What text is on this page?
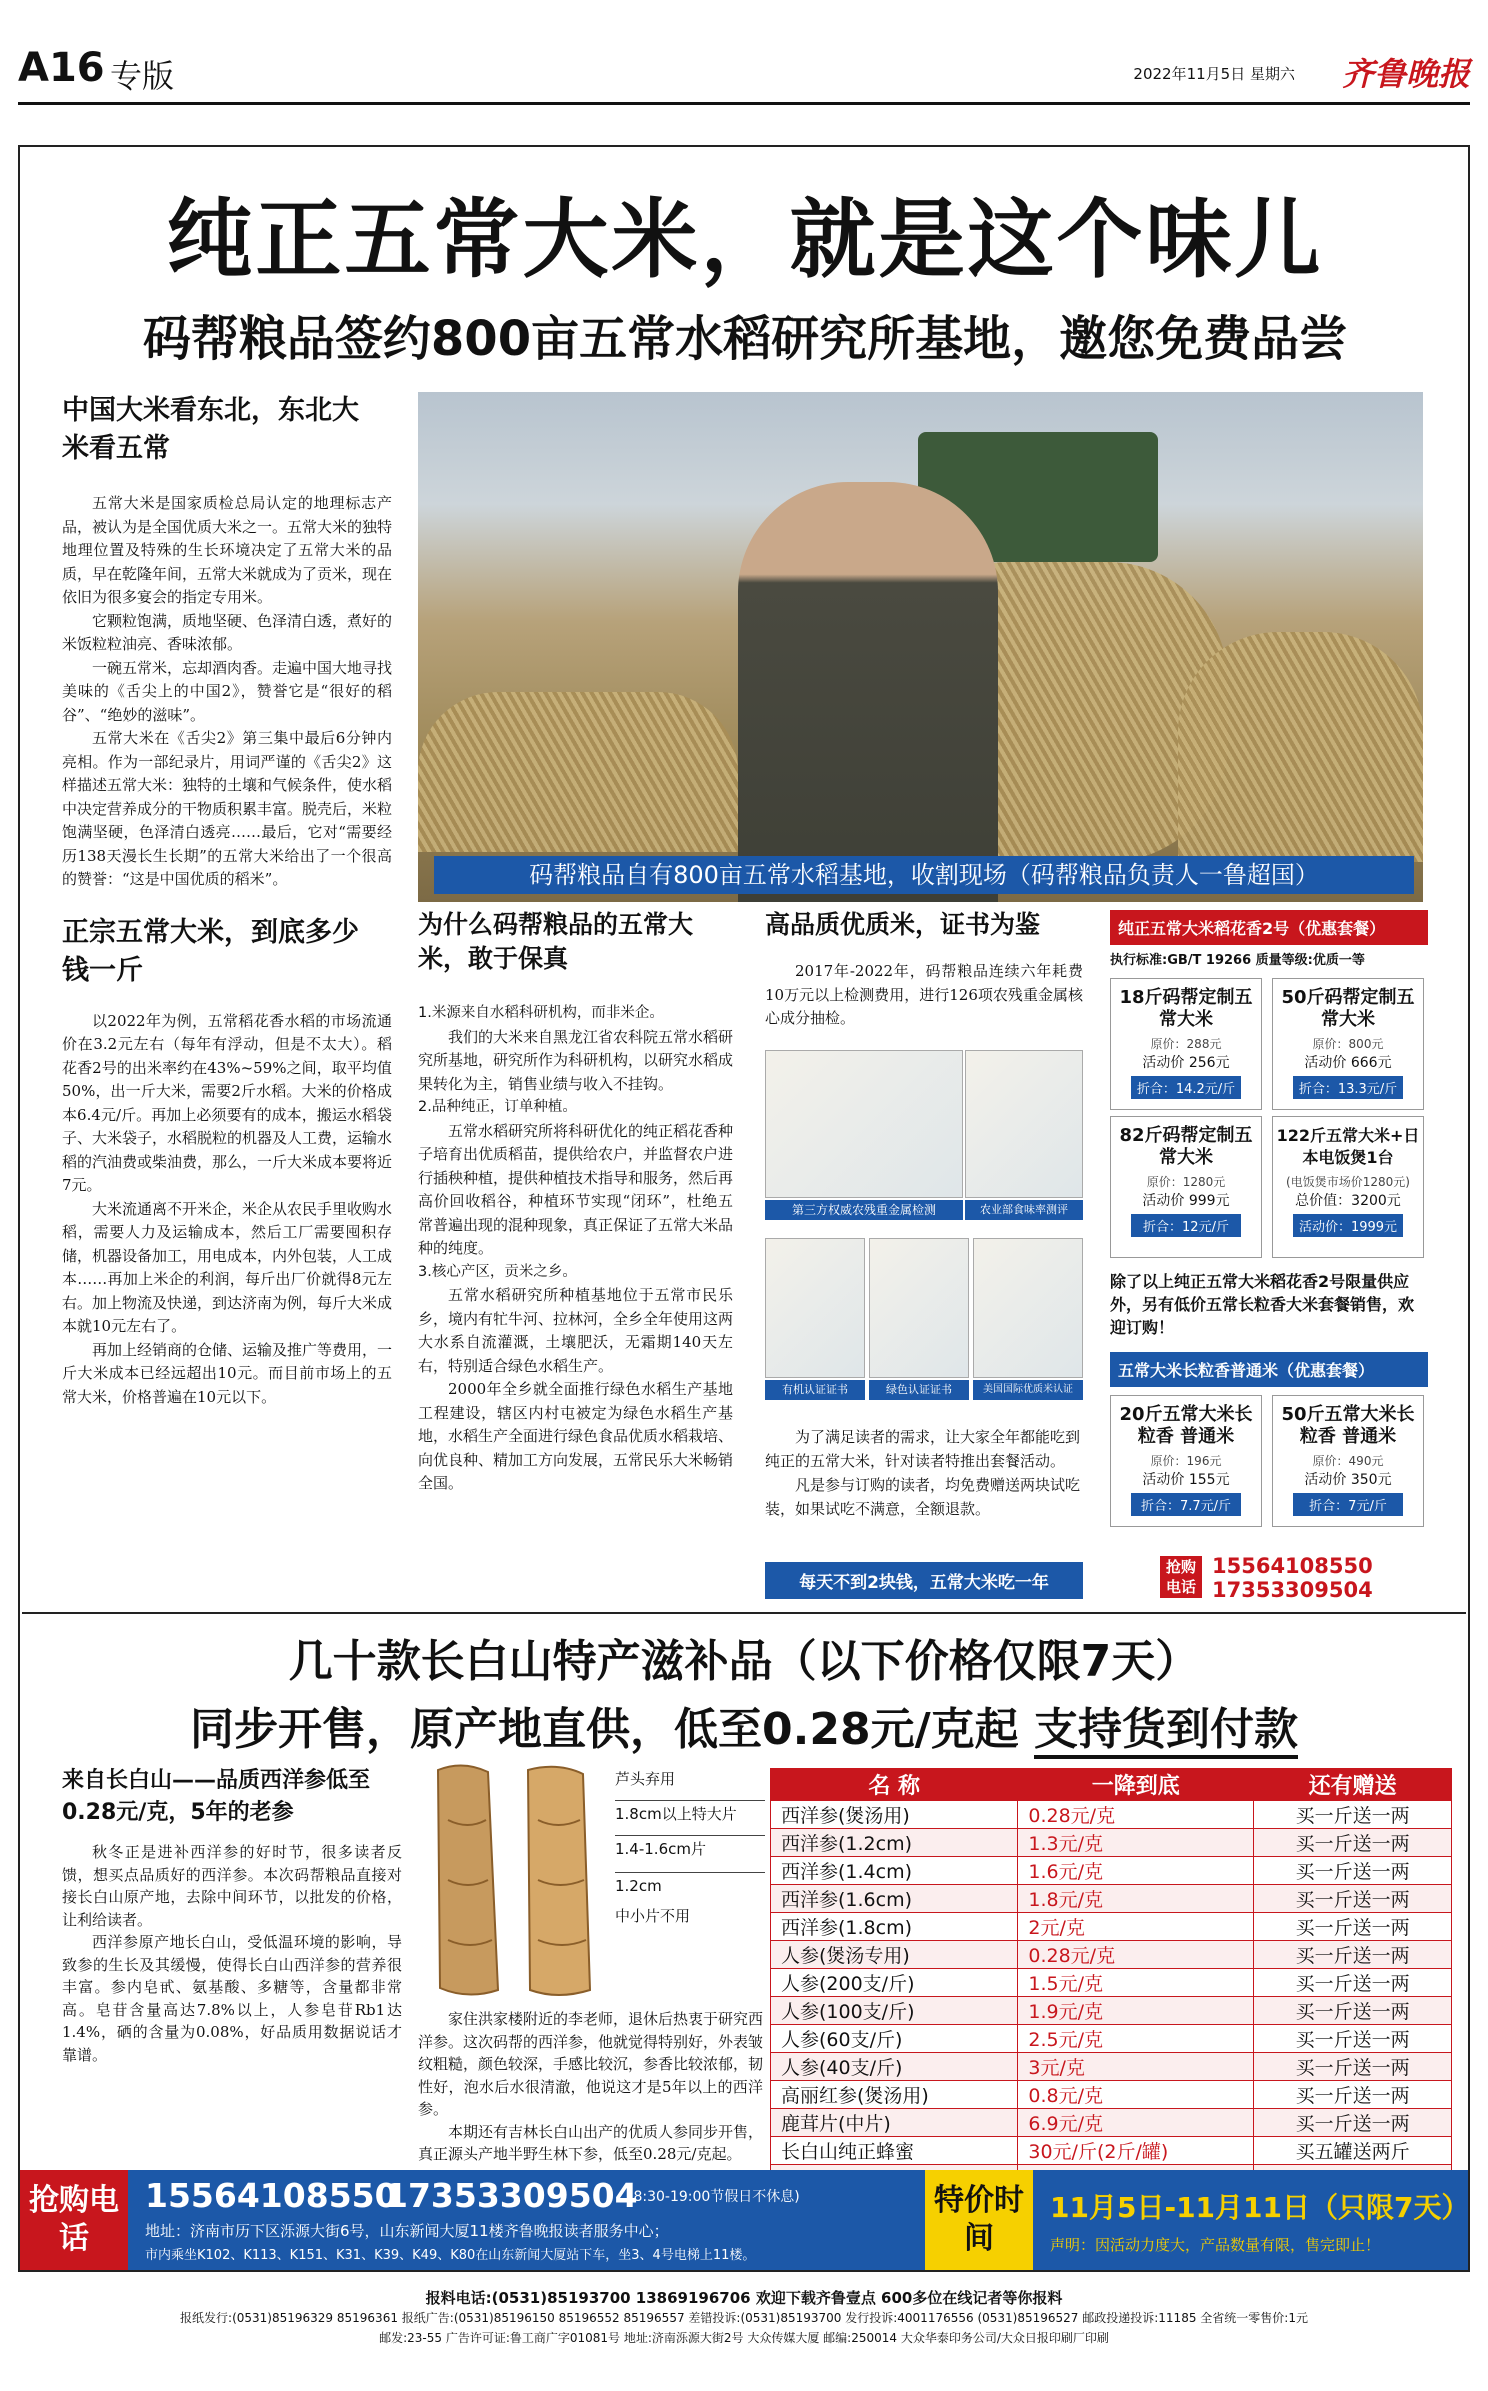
A16 专版	2022年11月5日 星期六 齐鲁晚报
纯正五常大米，就是这个味儿
码帮粮品签约800亩五常水稻研究所基地，邀您免费品尝
中国大米看东北，东北大米看五常

五常大米是国家质检总局认定的地理标志产品，被认为是全国优质大米之一。五常大米的独特地理位置及特殊的生长环境决定了五常大米的品质，早在乾隆年间，五常大米就成为了贡米，现在依旧为很多宴会的指定专用米。

它颗粒饱满，质地坚硬、色泽清白透，煮好的米饭粒粒油亮、香味浓郁。

一碗五常米，忘却酒肉香。走遍中国大地寻找美味的《舌尖上的中国2》，赞誉它是“很好的稻谷”、“绝妙的滋味”。

五常大米在《舌尖2》第三集中最后6分钟内亮相。作为一部纪录片，用词严谨的《舌尖2》这样描述五常大米：独特的土壤和气候条件，使水稻中决定营养成分的干物质积累丰富。脱壳后，米粒饱满坚硬，色泽清白透亮……最后，它对“需要经历138天漫长生长期”的五常大米给出了一个很高的赞誉：“这是中国优质的稻米”。

正宗五常大米，到底多少钱一斤

以2022年为例，五常稻花香水稻的市场流通价在3.2元左右（每年有浮动，但是不太大）。稻花香2号的出米率约在43%~59%之间，取平均值50%，出一斤大米，需要2斤水稻。大米的价格成本6.4元/斤。再加上必须要有的成本，搬运水稻袋子、大米袋子，水稻脱粒的机器及人工费，运输水稻的汽油费或柴油费，那么，一斤大米成本要将近7元。

大米流通离不开米企，米企从农民手里收购水稻，需要人力及运输成本，然后工厂需要囤积存储，机器设备加工，用电成本，内外包装，人工成本……再加上米企的利润，每斤出厂价就得8元左右。加上物流及快递，到达济南为例，每斤大米成本就10元左右了。

再加上经销商的仓储、运输及推广等费用，一斤大米成本已经远超出10元。而目前市场上的五常大米，价格普遍在10元以下。

码帮粮品自有800亩五常水稻基地，收割现场（码帮粮品负责人一鲁超国）
为什么码帮粮品的五常大米，敢于保真

1.米源来自水稻科研机构，而非米企。

我们的大米来自黑龙江省农科院五常水稻研究所基地，研究所作为科研机构，以研究水稻成果转化为主，销售业绩与收入不挂钩。

2.品种纯正，订单种植。

五常水稻研究所将科研优化的纯正稻花香种子培育出优质稻苗，提供给农户，并监督农户进行插秧种植，提供种植技术指导和服务，然后再高价回收稻谷，种植环节实现“闭环”，杜绝五常普遍出现的混种现象，真正保证了五常大米品种的纯度。

3.核心产区，贡米之乡。

五常水稻研究所种植基地位于五常市民乐乡，境内有牤牛河、拉林河，全乡全年使用这两大水系自流灌溉，土壤肥沃，无霜期140天左右，特别适合绿色水稻生产。

2000年全乡就全面推行绿色水稻生产基地工程建设，辖区内村屯被定为绿色水稻生产基地，水稻生产全面进行绿色食品优质水稻栽培、向优良种、精加工方向发展，五常民乐大米畅销全国。

高品质优质米，证书为鉴
2017年-2022年，码帮粮品连续六年耗费10万元以上检测费用，进行126项农残重金属核心成分抽检。
第三方权威农残重金属检测	农业部食味率测评
有机认证证书	绿色认证证书	美国国际优质米认证

为了满足读者的需求，让大家全年都能吃到纯正的五常大米，针对读者特推出套餐活动。

凡是参与订购的读者，均免费赠送两块试吃装，如果试吃不满意，全额退款。

每天不到2块钱，五常大米吃一年
纯正五常大米稻花香2号（优惠套餐）
执行标准:GB/T 19266 质量等级:优质一等
18斤码帮定制五常大米
原价：288元
活动价 256元
折合：14.2元/斤
50斤码帮定制五常大米
原价：800元
活动价 666元
折合：13.3元/斤
82斤码帮定制五常大米
原价：1280元
活动价 999元
折合：12元/斤
122斤五常大米+日本电饭煲1台
(电饭煲市场价1280元)
总价值：3200元
活动价：1999元
除了以上纯正五常大米稻花香2号限量供应外，另有低价五常长粒香大米套餐销售，欢迎订购！
五常大米长粒香普通米（优惠套餐）
20斤五常大米长粒香 普通米
原价：196元
活动价 155元
折合：7.7元/斤
50斤五常大米长粒香 普通米
原价：490元
活动价 350元
折合：7元/斤
抢购电话
15564108550
17353309504
几十款长白山特产滋补品（以下价格仅限7天）
同步开售，原产地直供，低至0.28元/克起 支持货到付款
来自长白山——品质西洋参低至0.28元/克，5年的老参

秋冬正是进补西洋参的好时节，很多读者反馈，想买点品质好的西洋参。本次码帮粮品直接对接长白山原产地，去除中间环节，以批发的价格，让利给读者。

西洋参原产地长白山，受低温环境的影响，导致参的生长及其缓慢，使得长白山西洋参的营养很丰富。参内皂甙、氨基酸、多糖等，含量都非常高。皂苷含量高达7.8%以上，人参皂苷Rb1达1.4%，硒的含量为0.08%，好品质用数据说话才靠谱。

芦头弃用
1.8cm以上特大片
1.4-1.6cm片
1.2cm
中小片不用

家住洪家楼附近的李老师，退休后热衷于研究西洋参。这次码帮的西洋参，他就觉得特别好，外表皱纹粗糙，颜色较深，手感比较沉，参香比较浓郁，韧性好，泡水后水很清澈，他说这才是5年以上的西洋参。

本期还有吉林长白山出产的优质人参同步开售，真正源头产地半野生林下参，低至0.28元/克起。

名 称	一降到底	还有赠送
西洋参(煲汤用)	0.28元/克	买一斤送一两
西洋参(1.2cm)	1.3元/克	买一斤送一两
西洋参(1.4cm)	1.6元/克	买一斤送一两
西洋参(1.6cm)	1.8元/克	买一斤送一两
西洋参(1.8cm)	2元/克	买一斤送一两
人参(煲汤专用)	0.28元/克	买一斤送一两
人参(200支/斤)	1.5元/克	买一斤送一两
人参(100支/斤)	1.9元/克	买一斤送一两
人参(60支/斤)	2.5元/克	买一斤送一两
人参(40支/斤)	3元/克	买一斤送一两
高丽红参(煲汤用)	0.8元/克	买一斤送一两
鹿茸片(中片)	6.9元/克	买一斤送一两
长白山纯正蜂蜜	30元/斤(2斤/罐)	买五罐送两斤

抢购电话
15564108550
17353309504
(8:30-19:00节假日不休息)
地址：济南市历下区泺源大街6号，山东新闻大厦11楼齐鲁晚报读者服务中心；
市内乘坐K102、K113、K151、K31、K39、K49、K80在山东新闻大厦站下车，坐3、4号电梯上11楼。
特价时间
11月5日-11月11日（只限7天）
声明：因活动力度大，产品数量有限，售完即止！
报料电话:(0531)85193700 13869196706 欢迎下载齐鲁壹点 600多位在线记者等你报料
报纸发行:(0531)85196329 85196361 报纸广告:(0531)85196150 85196552 85196557 差错投诉:(0531)85193700 发行投诉:4001176556 (0531)85196527 邮政投递投诉:11185 全省统一零售价:1元
邮发:23-55 广告许可证:鲁工商广字01081号 地址:济南泺源大街2号 大众传媒大厦 邮编:250014 大众华泰印务公司/大众日报印刷厂印刷
